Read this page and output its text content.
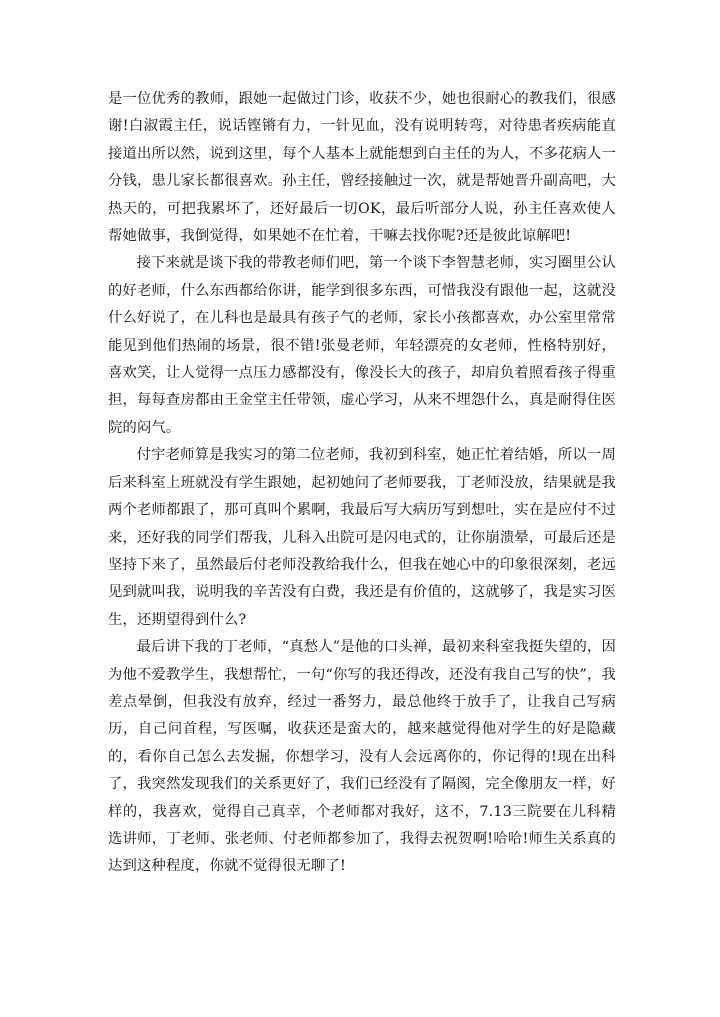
是一位优秀的教师，跟她一起做过门诊，收获不少，她也很耐心的教我们，很感谢!白淑霞主任，说话铿锵有力，一针见血，没有说明转弯，对待患者疾病能直接道出所以然，说到这里，每个人基本上就能想到白主任的为人，不多花病人一分钱，患儿家长都很喜欢。孙主任，曾经接触过一次，就是帮她晋升副高吧，大热天的，可把我累坏了，还好最后一切OK，最后听部分人说，孙主任喜欢使人帮她做事，我倒觉得，如果她不在忙着，干嘛去找你呢?还是彼此谅解吧!

接下来就是谈下我的带教老师们吧，第一个谈下李智慧老师，实习圈里公认的好老师，什么东西都给你讲，能学到很多东西，可惜我没有跟他一起，这就没什么好说了，在儿科也是最具有孩子气的老师，家长小孩都喜欢，办公室里常常能见到他们热闹的场景，很不错!张曼老师，年轻漂亮的女老师，性格特别好，喜欢笑，让人觉得一点压力感都没有，像没长大的孩子，却肩负着照看孩子得重担，每每查房都由王金堂主任带领，虚心学习，从来不埋怨什么，真是耐得住医院的闷气。

付宇老师算是我实习的第二位老师，我初到科室，她正忙着结婚，所以一周后来科室上班就没有学生跟她，起初她问了老师要我，丁老师没放，结果就是我两个老师都跟了，那可真叫个累啊，我最后写大病历写到想吐，实在是应付不过来，还好我的同学们帮我，儿科入出院可是闪电式的，让你崩溃晕，可最后还是坚持下来了，虽然最后付老师没教给我什么，但我在她心中的印象很深刻，老远见到就叫我，说明我的辛苦没有白费，我还是有价值的，这就够了，我是实习医生，还期望得到什么?

最后讲下我的丁老师，“真愁人”是他的口头禅，最初来科室我挺失望的，因为他不爱教学生，我想帮忙，一句“你写的我还得改，还没有我自己写的快”，我差点晕倒，但我没有放弃，经过一番努力，最总他终于放手了，让我自己写病历，自己问首程，写医嘱，收获还是蛮大的，越来越觉得他对学生的好是隐藏的，看你自己怎么去发掘，你想学习，没有人会远离你的，你记得的!现在出科了，我突然发现我们的关系更好了，我们已经没有了隔阂，完全像朋友一样，好样的，我喜欢，觉得自己真幸，个老师都对我好，这不，7.13三院要在儿科精选讲师，丁老师、张老师、付老师都参加了，我得去祝贺啊!哈哈!师生关系真的达到这种程度，你就不觉得很无聊了!
